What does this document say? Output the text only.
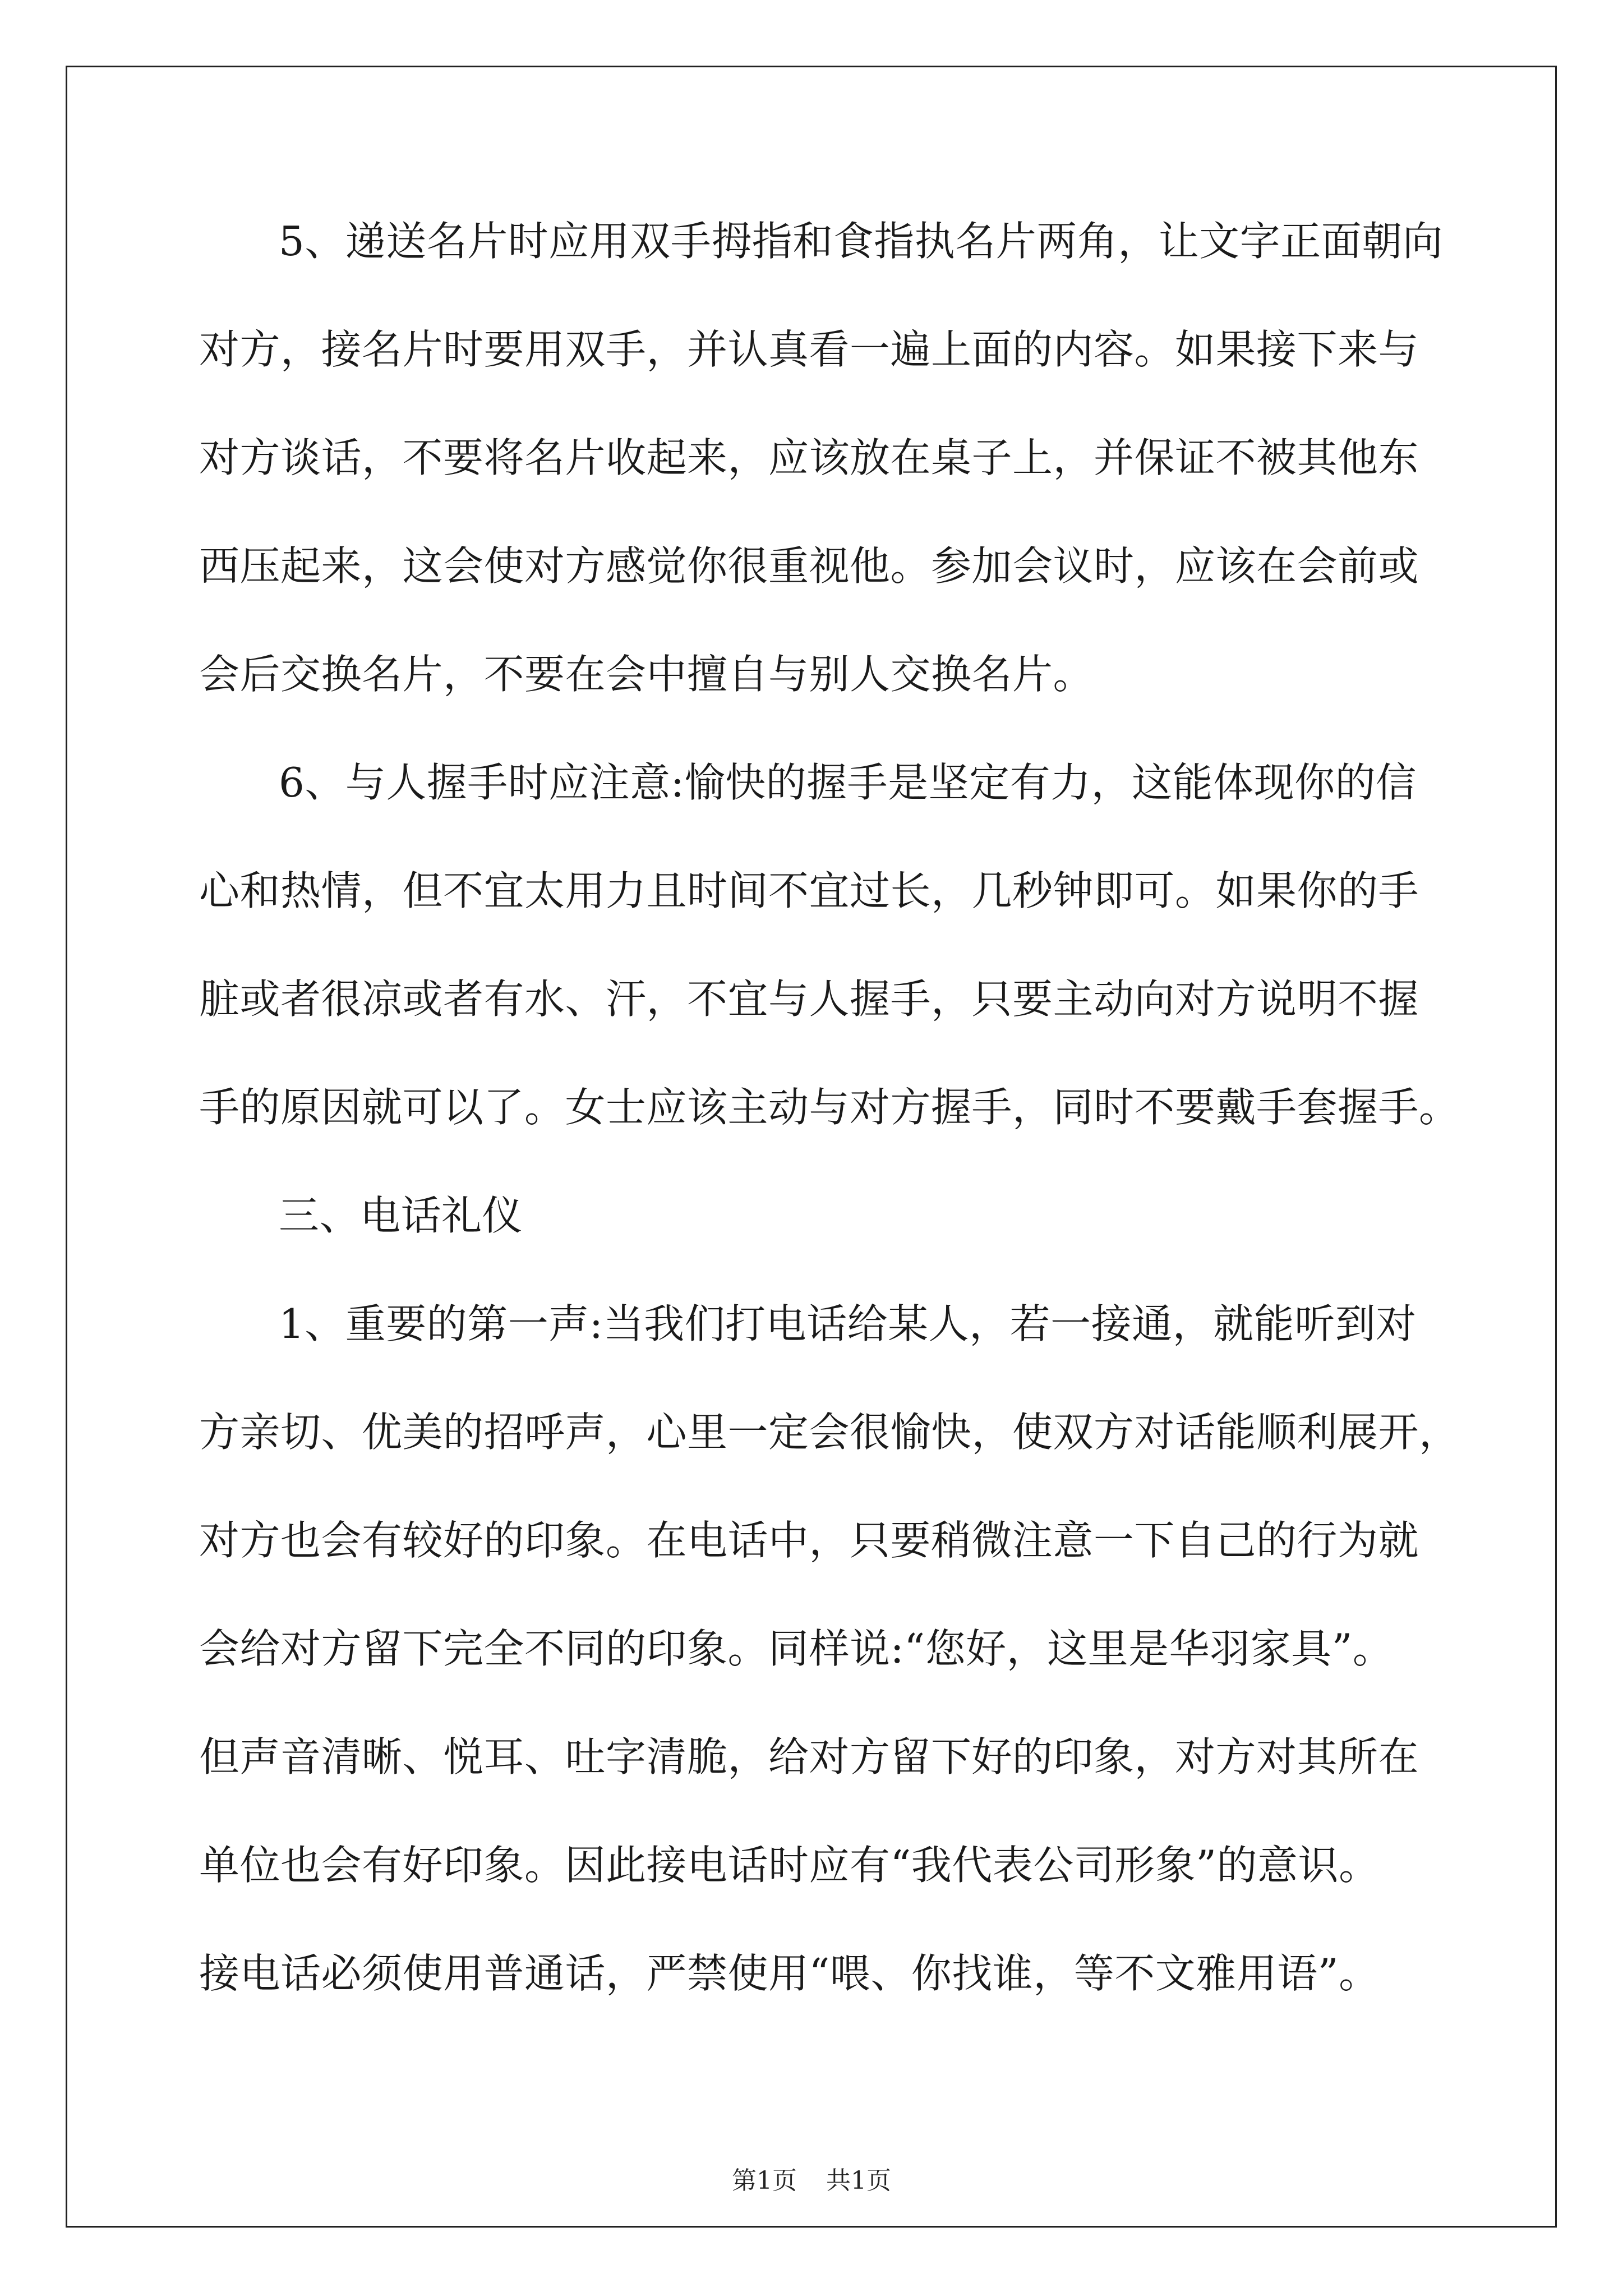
5、递送名片时应用双手拇指和食指执名片两角，让文字正面朝向
对方，接名片时要用双手，并认真看一遍上面的内容。如果接下来与
对方谈话，不要将名片收起来，应该放在桌子上，并保证不被其他东
西压起来，这会使对方感觉你很重视他。参加会议时，应该在会前或
会后交换名片，不要在会中擅自与别人交换名片。
6、与人握手时应注意:愉快的握手是坚定有力，这能体现你的信
心和热情，但不宜太用力且时间不宜过长，几秒钟即可。如果你的手
脏或者很凉或者有水、汗，不宜与人握手，只要主动向对方说明不握
手的原因就可以了。女士应该主动与对方握手，同时不要戴手套握手。
三、电话礼仪
1、重要的第一声:当我们打电话给某人，若一接通，就能听到对
方亲切、优美的招呼声，心里一定会很愉快，使双方对话能顺利展开，
对方也会有较好的印象。在电话中，只要稍微注意一下自己的行为就
会给对方留下完全不同的印象。同样说:“您好，这里是华羽家具”。
但声音清晰、悦耳、吐字清脆，给对方留下好的印象，对方对其所在
单位也会有好印象。因此接电话时应有“我代表公司形象”的意识。
接电话必须使用普通话，严禁使用“喂、你找谁，等不文雅用语”。
第1页 共1页
